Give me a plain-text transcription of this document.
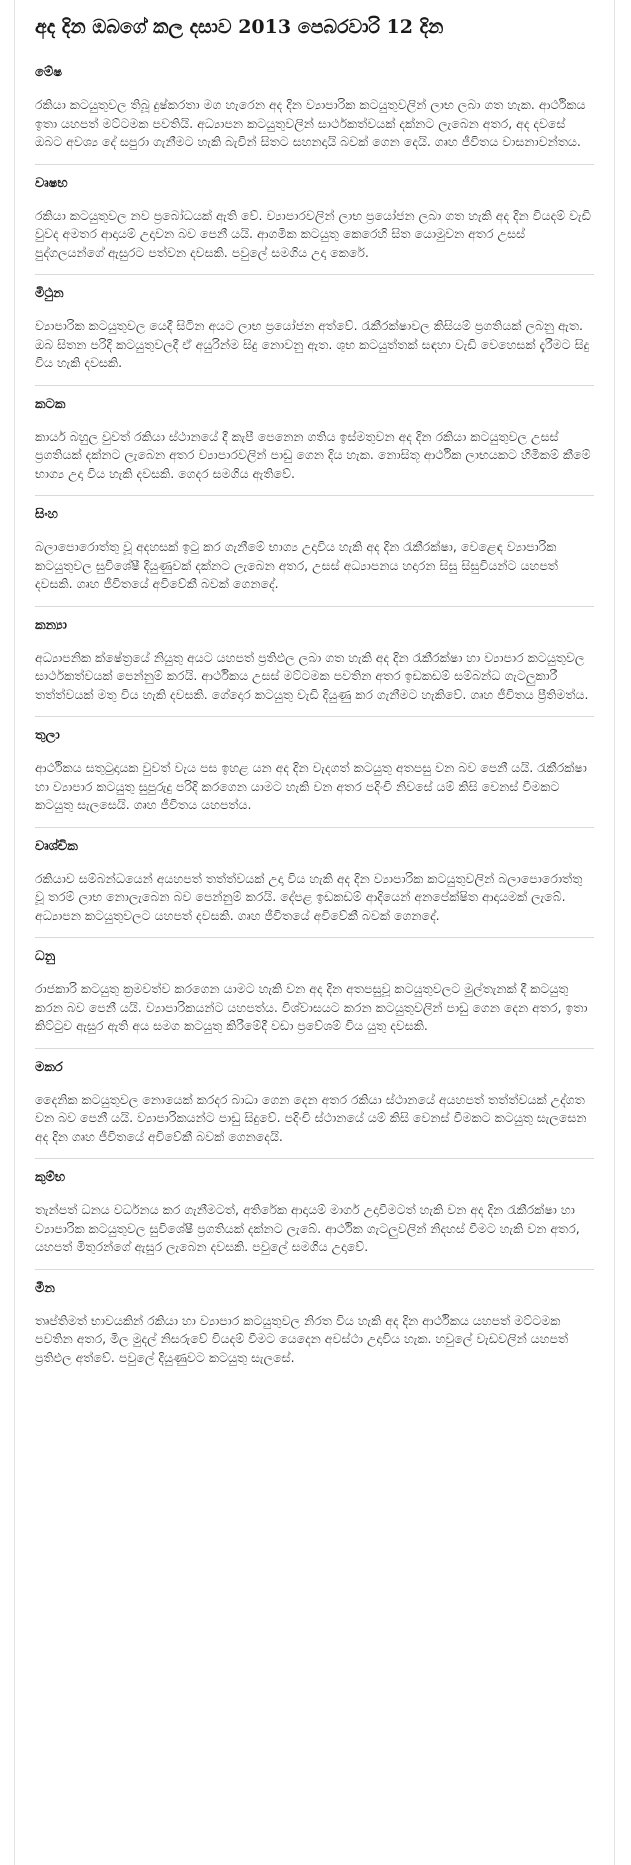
අද දින ඔබගේ කල දසාව 2013 පෙබරවාරි 12 දින
මේෂ

රකියා කටයුතුවල තිබූ දුෂ්කරතා මග හැරෙන අද දින ව්‍යාපාරික කටයුතුවලින් ලාභ ලබා ගත හැක. ආර්ථිකය ඉතා යහපත් මට්ටමක පවතියි. අධ්‍යාපන කටයුතුවලින් සාර්ථකත්වයක් දක්නට ලැබෙන අතර, අද දවසේ ඔබට අවශ්‍ය දේ සපුරා ගැනීමට හැකි බැවින් සිතට සහනදායි බවක් ගෙන දෙයි. ගෘහ ජීවිතය වාසනාවන්තය.

වෘෂභ

රකියා කටයුතුවල නව ප්‍රබෝධයක් ඇති වේ. ව්‍යාපාරවලින් ලාභ ප්‍රයෝජන ලබා ගත හැකි අද දින වියදම් වැඩි වුවද අමතර ආදායම් උදාවන බව පෙනී යයි. ආගමික කටයුතු කෙරෙහි සිත යොමුවන අතර උසස් පුද්ගලයන්ගේ ඇසුරට පත්වන දවසකි. පවුලේ සමගිය උදා කෙරේ.

මිථුන

ව්‍යාපාරික කටයුතුවල යෙදී සිටින අයට ලාභ ප්‍රයෝජන අත්වේ. රැකීරක්ෂාවල කිසියම් ප්‍රගතියක් ලබනු ඇත. ඔබ සිතන පරිදි කටයුතුවලදී ඒ අයුරින්ම සිදු නොවනු ඇත. ශුභ කටයුත්තක් සඳහා වැඩි වෙහෙසක් දැරීමට සිදු විය හැකි දවසකි.

කටක

කාර්ය බහුල වුවත් රකියා ස්ථානයේ දී කැපී පෙනෙන ගතිය ඉස්මතුවන අද දින රකියා කටයුතුවල උසස් ප්‍රගතියක් දක්නට ලැබෙන අතර ව්‍යාපාරවලින් පාඩු ගෙන දිය හැක. නොසිතූ ආර්ථික ලාභයකට හිමිකම් කීමේ භාග්‍ය උදා විය හැකි දවසකි. ගෙදර සමගිය ඇතිවේ.

සිංහ

බලාපොරොත්තු වූ අදහසක් ඉටු කර ගැනීමේ භාග්‍ය උදාවිය හැකි අද දින රැකීරක්ෂා, වෙළෙඳ ව්‍යාපාරික කටයුතුවල සුවිශේෂී දියුණුවක් දක්නට ලැබෙන අතර, උසස් අධ්‍යාපනය හදාරන සිසු සිසුවියන්ට යහපත් දවසකි. ගෘහ ජීවිතයේ අවිවේකී බවක් ගෙනදේ.

කන්‍යා

අධ්‍යාපනික ක්ෂේත්‍රයේ නියුතු අයට යහපත් ප්‍රතිඵල ලබා ගත හැකි අද දින රැකීරක්ෂා හා ව්‍යාපාර කටයුතුවල සාර්ථකත්වයක් පෙන්නුම් කරයි. ආර්ථිකය උසස් මට්ටමක පවතින අතර ඉඩකඩම් සම්බන්ධ ගැටලුකාරී තත්ත්වයක් මතු විය හැකි දවසකි. ගේදොර කටයුතු වැඩි දියුණු කර ගැනීමට හැකිවේ. ගෘහ ජීවිතය ප්‍රීතිමත්ය.

තුලා

ආර්ථිකය සතුටුදායක වුවත් වැය පස ඉහළ යන අද දින වැදගත් කටයුතු අතපසු වන බව පෙනී යයි. රැකීරක්ෂා හා ව්‍යාපාර කටයුතු සුපුරුදු පරිදි කරගෙන යාමට හැකි වන අතර පදිංචි නිවසේ යම් කිසි වෙනස් වීමකට කටයුතු සැලසෙයි. ගෘහ ජීවිතය යහපත්ය.

වෘශ්චික

රකියාව සම්බන්ධයෙන් අයහපත් තත්ත්වයක් උදා විය හැකි අද දින ව්‍යාපාරික කටයුතුවලින් බලාපොරොත්තු වූ තරම් ලාභ නොලැබෙන බව පෙන්නුම් කරයි. දේපළ ඉඩකඩම් ආදියෙන් අනපේක්ෂිත ආදායමක් ලැබේ. අධ්‍යාපන කටයුතුවලට යහපත් දවසකි. ගෘහ ජීවිතයේ අවිවේකී බවක් ගෙනදේ.

ධනු

රාජකාරි කටයුතු ක්‍රමවත්ව කරගෙන යාමට හැකි වන අද දින අතපසුවූ කටයුතුවලට මුල්තැනක් දී කටයුතු කරන බව පෙනී යයි. ව්‍යාපාරිකයන්ට යහපත්ය. විශ්වාසයට කරන කටයුතුවලින් පාඩු ගෙන දෙන අතර, ඉතා කිට්ටුව ඇසුර ඇති අය සමග කටයුතු කිරීමේදී වඩා ප්‍රවේශම් විය යුතු දවසකි.

මකර

දෛනික කටයුතුවල නොයෙක් කරදර බාධා ගෙන දෙන අතර රකියා ස්ථානයේ අයහපත් තත්ත්වයක් උද්ගත වන බව පෙනී යයි. ව්‍යාපාරිකයන්ට පාඩු සිදුවේ. පදිංචි ස්ථානයේ යම් කිසි වෙනස් වීමකට කටයුතු සැලසෙන අද දින ගෘහ ජීවිතයේ අවිවේකී බවක් ගෙනදෙයි.

කුම්භ

තැන්පත් ධනය වර්ධනය කර ගැනීමටත්, අතිරේක ආදායම් මාර්ග උදාවීමටත් හැකි වන අද දින රැකීරක්ෂා හා ව්‍යාපාරික කටයුතුවල සුවිශේෂී ප්‍රගතියක් දක්නට ලැබේ. ආර්ථික ගැටලුවලින් නිදහස් වීමට හැකි වන අතර, යහපත් මිතුරන්ගේ ඇසුර ලැබෙන දවසකි. පවුලේ සමගිය උදාවේ.

මීන

තෘප්තිමත් භාවයකින් රකියා හා ව්‍යාපාර කටයුතුවල නිරත විය හැකි අද දින ආර්ථිකය යහපත් මට්ටමක පවතින අතර, මිල මුදල් නිසරුවේ වියදම් වීමට යෙදෙන අවස්ථා උදාවිය හැක. හවුලේ වැඩවලින් යහපත් ප්‍රතිඵල අත්වේ. පවුලේ දියුණුවට කටයුතු සැලසේ.
